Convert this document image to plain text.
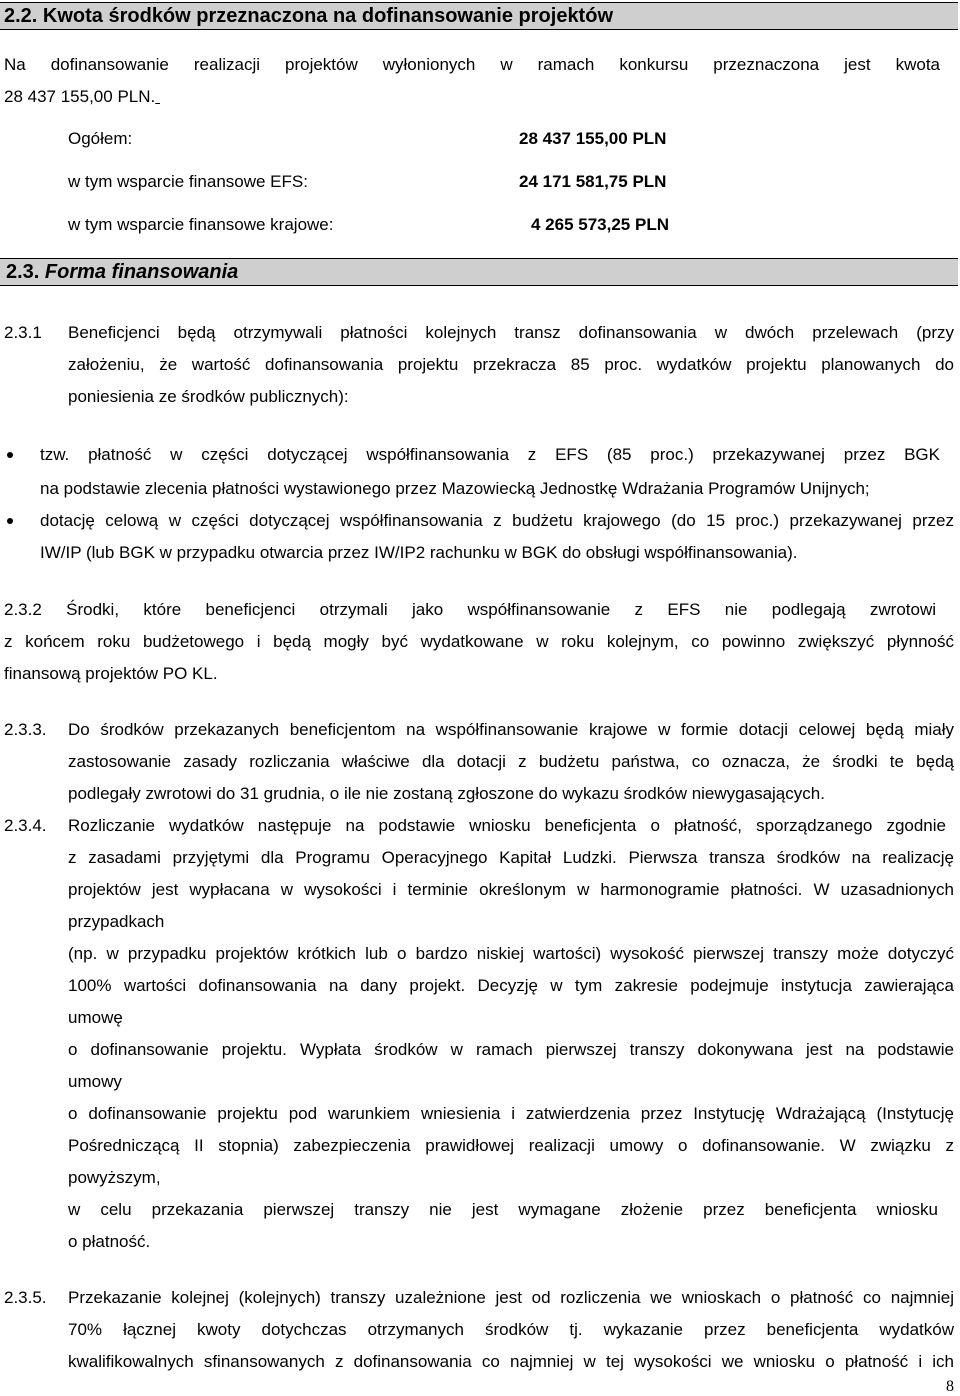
2.2. Kwota środków przeznaczona na dofinansowanie projektów
Na dofinansowanie realizacji projektów wyłonionych w ramach konkursu przeznaczona jest kwota
28 437 155,00 PLN.
Ogółem:	28 437 155,00 PLN
w tym wsparcie finansowe EFS:	24 171 581,75 PLN
w tym wsparcie finansowe krajowe:	4 265 573,25 PLN
2.3. Forma finansowania
2.3.1 Beneficjenci będą otrzymywali płatności kolejnych transz dofinansowania w dwóch przelewach (przy
założeniu, że wartość dofinansowania projektu przekracza 85 proc. wydatków projektu planowanych do
poniesienia ze środków publicznych):
tzw. płatność w części dotyczącej współfinansowania z EFS (85 proc.) przekazywanej przez BGK
na podstawie zlecenia płatności wystawionego przez Mazowiecką Jednostkę Wdrażania Programów Unijnych;
dotację celową w części dotyczącej współfinansowania z budżetu krajowego (do 15 proc.) przekazywanej przez
IW/IP (lub BGK w przypadku otwarcia przez IW/IP2 rachunku w BGK do obsługi współfinansowania).
2.3.2 Środki, które beneficjenci otrzymali jako współfinansowanie z EFS nie podlegają zwrotowi
z końcem roku budżetowego i będą mogły być wydatkowane w roku kolejnym, co powinno zwiększyć płynność
finansową projektów PO KL.
2.3.3. Do środków przekazanych beneficjentom na współfinansowanie krajowe w formie dotacji celowej będą miały
zastosowanie zasady rozliczania właściwe dla dotacji z budżetu państwa, co oznacza, że środki te będą
podlegały zwrotowi do 31 grudnia, o ile nie zostaną zgłoszone do wykazu środków niewygasających.
2.3.4. Rozliczanie wydatków następuje na podstawie wniosku beneficjenta o płatność, sporządzanego zgodnie
z zasadami przyjętymi dla Programu Operacyjnego Kapitał Ludzki. Pierwsza transza środków na realizację
projektów jest wypłacana w wysokości i terminie określonym w harmonogramie płatności. W uzasadnionych
przypadkach
(np. w przypadku projektów krótkich lub o bardzo niskiej wartości) wysokość pierwszej transzy może dotyczyć
100% wartości dofinansowania na dany projekt. Decyzję w tym zakresie podejmuje instytucja zawierająca
umowę
o dofinansowanie projektu. Wypłata środków w ramach pierwszej transzy dokonywana jest na podstawie
umowy
o dofinansowanie projektu pod warunkiem wniesienia i zatwierdzenia przez Instytucję Wdrażającą (Instytucję
Pośredniczącą II stopnia) zabezpieczenia prawidłowej realizacji umowy o dofinansowanie. W związku z
powyższym,
w celu przekazania pierwszej transzy nie jest wymagane złożenie przez beneficjenta wniosku
o płatność.
2.3.5. Przekazanie kolejnej (kolejnych) transzy uzależnione jest od rozliczenia we wnioskach o płatność co najmniej
70% łącznej kwoty dotychczas otrzymanych środków tj. wykazanie przez beneficjenta wydatków
kwalifikowalnych sfinansowanych z dofinansowania co najmniej w tej wysokości we wniosku o płatność i ich
8
